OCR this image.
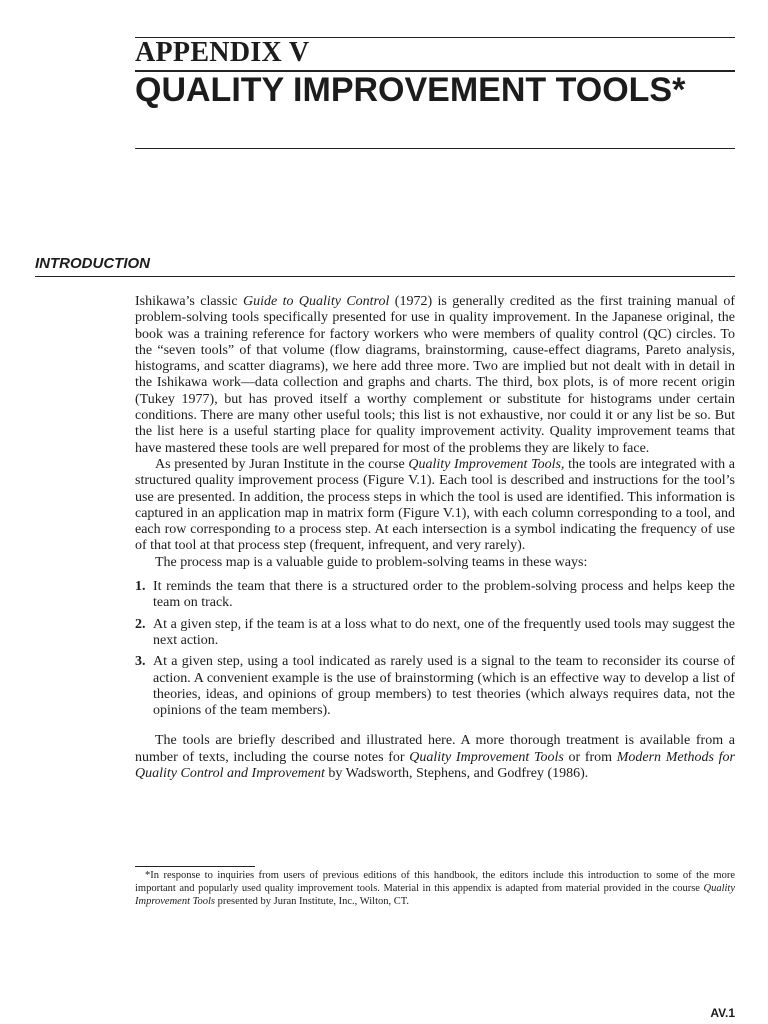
APPENDIX V
QUALITY IMPROVEMENT TOOLS*
INTRODUCTION

Ishikawa’s classic Guide to Quality Control (1972) is generally credited as the first training manual of problem-solving tools specifically presented for use in quality improvement. In the Japanese original, the book was a training reference for factory workers who were members of quality control (QC) circles. To the “seven tools” of that volume (flow diagrams, brainstorming, cause-effect diagrams, Pareto analysis, histograms, and scatter diagrams), we here add three more. Two are implied but not dealt with in detail in the Ishikawa work—data collection and graphs and charts. The third, box plots, is of more recent origin (Tukey 1977), but has proved itself a worthy complement or substitute for histograms under certain conditions. There are many other useful tools; this list is not exhaustive, nor could it or any list be so. But the list here is a useful starting place for quality improvement activity. Quality improvement teams that have mastered these tools are well prepared for most of the problems they are likely to face.

As presented by Juran Institute in the course Quality Improvement Tools, the tools are integrated with a structured quality improvement process (Figure V.1). Each tool is described and instructions for the tool’s use are presented. In addition, the process steps in which the tool is used are identified. This information is captured in an application map in matrix form (Figure V.1), with each column corresponding to a tool, and each row corresponding to a process step. At each intersection is a symbol indicating the frequency of use of that tool at that process step (frequent, infrequent, and very rarely).

The process map is a valuable guide to problem-solving teams in these ways:

1. It reminds the team that there is a structured order to the problem-solving process and helps keep the team on track.
2. At a given step, if the team is at a loss what to do next, one of the frequently used tools may suggest the next action.
3. At a given step, using a tool indicated as rarely used is a signal to the team to reconsider its course of action. A convenient example is the use of brainstorming (which is an effective way to develop a list of theories, ideas, and opinions of group members) to test theories (which always requires data, not the opinions of the team members).

The tools are briefly described and illustrated here. A more thorough treatment is available from a number of texts, including the course notes for Quality Improvement Tools or from Modern Methods for Quality Control and Improvement by Wadsworth, Stephens, and Godfrey (1986).

*In response to inquiries from users of previous editions of this handbook, the editors include this introduction to some of the more important and popularly used quality improvement tools. Material in this appendix is adapted from material provided in the course Quality Improvement Tools presented by Juran Institute, Inc., Wilton, CT.

AV.1
